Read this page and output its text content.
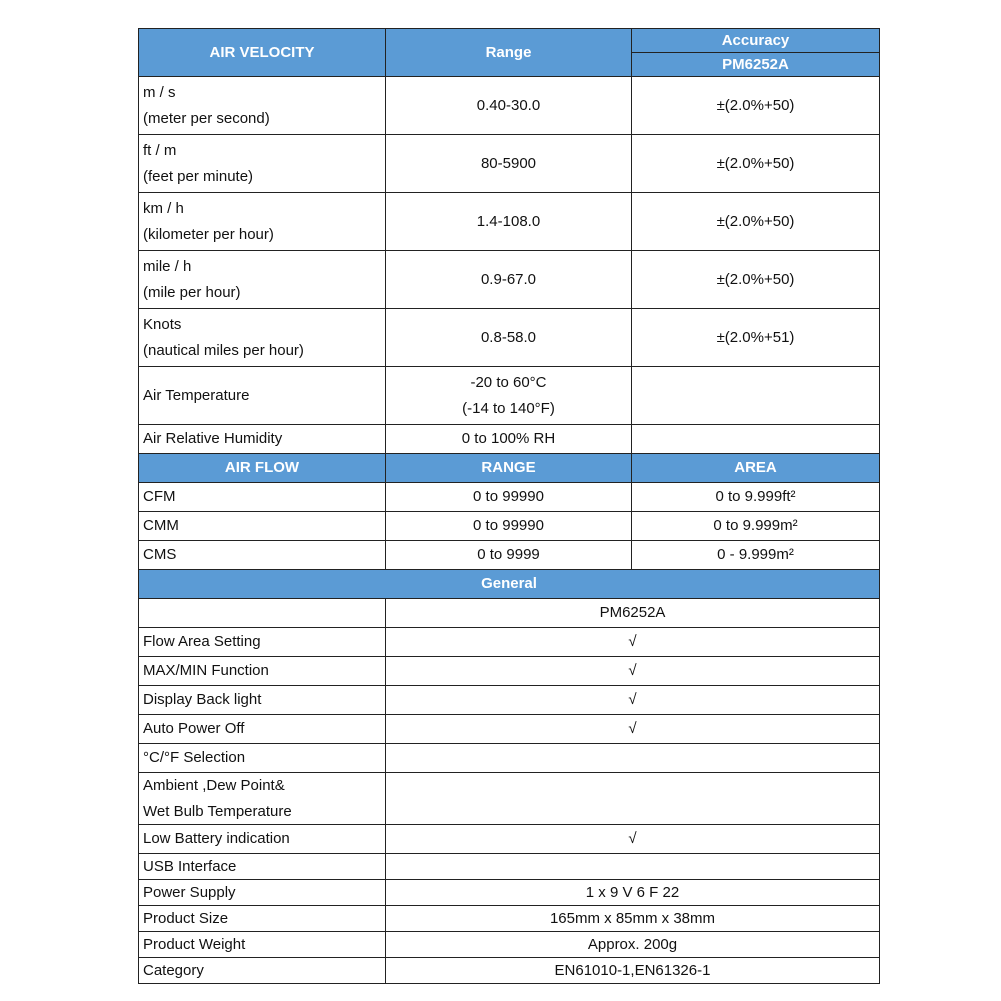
AIR VELOCITY	Range	Accuracy
		PM6252A

m / s
(meter per second)	0.40-30.0	±(2.0%+50)

ft / m
(feet per minute)	80-5900	±(2.0%+50)

km / h
(kilometer per hour)	1.4-108.0	±(2.0%+50)

mile / h
(mile per hour)	0.9-67.0	±(2.0%+50)

Knots
(nautical miles per hour)	0.8-58.0	±(2.0%+51)
Air Temperature	-20 to 60°C
(-14 to 140°F)	

Air Relative Humidity	0 to 100% RH	
AIR FLOW	RANGE	AREA
CFM	0 to 99990	0 to 9.999ft²
CMM	0 to 99990	0 to 9.999m²
CMS	0 to 9999	0 - 9.999m²
General		
	PM6252A	
Flow Area Setting	√	
MAX/MIN Function	√	
Display Back light	√	
Auto Power Off	√	
°C/°F Selection		

Ambient ,Dew Point&
Wet Bulb Temperature		

Low Battery indication	√	
USB Interface		
Power Supply	1 x 9 V 6 F 22	
Product Size	165mm x 85mm x 38mm	
Product Weight	Approx. 200g	
Category	EN61010-1,EN61326-1	
